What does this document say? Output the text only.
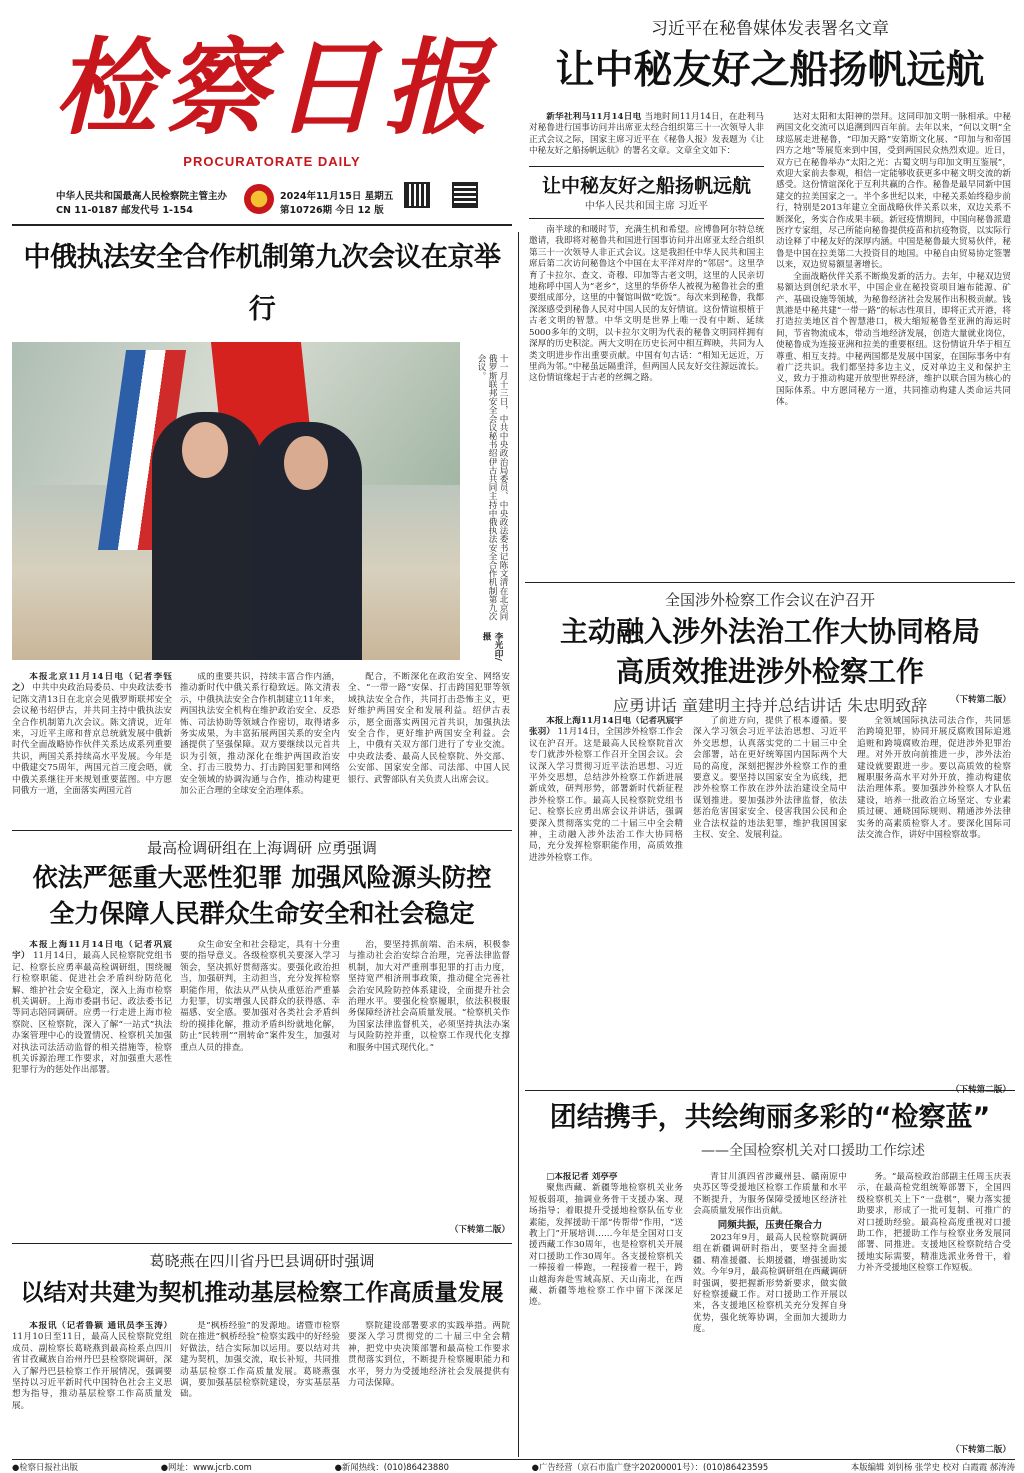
检察日报
PROCURATORATE DAILY
中华人民共和国最高人民检察院主管主办
CN 11-0187 邮发代号 1-154
2024年11月15日 星期五
第10726期 今日 12 版
习近平在秘鲁媒体发表署名文章
让中秘友好之船扬帆远航

新华社利马11月14日电 当地时间11月14日，在赴利马对秘鲁进行国事访问并出席亚太经合组织第三十一次领导人非正式会议之际，国家主席习近平在《秘鲁人报》发表题为《让中秘友好之船扬帆远航》的署名文章。文章全文如下：

让中秘友好之船扬帆远航
中华人民共和国主席 习近平

南半球的和暖时节，充满生机和希望。应博鲁阿尔特总统邀请，我即将对秘鲁共和国进行国事访问并出席亚太经合组织第三十一次领导人非正式会议。这是我担任中华人民共和国主席后第二次访问秘鲁这个中国在太平洋对岸的“邻居”。这里孕育了卡拉尔、查文、奇穆、印加等古老文明，这里的人民亲切地称呼中国人为“老乡”，这里的华侨华人被视为秘鲁社会的重要组成部分，这里的中餐馆叫做“吃饭”。每次来到秘鲁，我都深深感受到秘鲁人民对中国人民的友好情谊。这份情谊根植于古老文明的智慧。中华文明是世界上唯一没有中断、延续5000多年的文明，以卡拉尔文明为代表的秘鲁文明同样拥有深厚的历史积淀。两大文明在历史长河中相互辉映，共同为人类文明进步作出重要贡献。中国有句古话：“相知无远近，万里尚为邻。”中秘虽远隔重洋，但两国人民友好交往源远流长。这份情谊缘起于古老的丝绸之路。

达对太阳和太阳神的崇拜。这同印加文明一脉相承。中秘两国文化交流可以追溯到四百年前。去年以来，“何以文明”全球巡展走进秘鲁，“印加天路”安第斯文化展、“印加与和帝国四方之地”等展览来到中国，受到两国民众热烈欢迎。近日，双方已在秘鲁举办“太阳之光：古蜀文明与印加文明互鉴展”，欢迎大家前去参观，相信一定能够收获更多中秘文明交流的新感受。这份情谊深化于互利共赢的合作。秘鲁是最早同新中国建交的拉美国家之一。半个多世纪以来，中秘关系始终稳步前行，特别是2013年建立全面战略伙伴关系以来，双边关系不断深化，务实合作成果丰硕。新冠疫情期间，中国向秘鲁派遣医疗专家组，尽己所能向秘鲁提供疫苗和抗疫物资，以实际行动诠释了中秘友好的深厚内涵。中国是秘鲁最大贸易伙伴，秘鲁是中国在拉美第二大投资目的地国。中秘自由贸易协定签署以来，双边贸易额显著增长。

全面战略伙伴关系不断焕发新的活力。去年，中秘双边贸易额达到创纪录水平，中国企业在秘投资项目遍布能源、矿产、基础设施等领域，为秘鲁经济社会发展作出积极贡献。钱凯港是中秘共建“一带一路”的标志性项目，即将正式开港，将打造拉美地区首个智慧港口，极大缩短秘鲁至亚洲的海运时间，节省物流成本，带动当地经济发展，创造大量就业岗位，使秘鲁成为连接亚洲和拉美的重要枢纽。这份情谊升华于相互尊重、相互支持。中秘两国都是发展中国家，在国际事务中有着广泛共识。我们都坚持多边主义，反对单边主义和保护主义，致力于推动构建开放型世界经济，维护以联合国为核心的国际体系。中方愿同秘方一道，共同推动构建人类命运共同体。

（下转第二版）
中俄执法安全合作机制第九次会议在京举行
十一月十三日，中共中央政治局委员、中央政法委书记陈文清在北京同俄罗斯联邦安全会议秘书绍伊古共同主持中俄执法安全合作机制第九次会议。
李光印/摄

本报北京11月14日电（记者李钰之） 中共中央政治局委员、中央政法委书记陈文清13日在北京会见俄罗斯联邦安全会议秘书绍伊古，并共同主持中俄执法安全合作机制第九次会议。陈文清说，近年来，习近平主席和普京总统就发展中俄新时代全面战略协作伙伴关系达成系列重要共识，两国关系持续高水平发展。今年是中俄建交75周年，两国元首三度会晤，就中俄关系继往开来规划重要蓝图。中方愿同俄方一道，全面落实两国元首

成的重要共识，持续丰富合作内涵，推动新时代中俄关系行稳致远。陈文清表示，中俄执法安全合作机制建立11年来，两国执法安全机构在维护政治安全、反恐怖、司法协助等领域合作密切，取得诸多务实成果，为丰富拓展两国关系的安全内涵提供了坚强保障。双方要继续以元首共识为引领，推动深化在维护两国政治安全、打击三股势力、打击跨国犯罪和网络安全领域的协调沟通与合作，推动构建更加公正合理的全球安全治理体系。

配合，不断深化在政治安全、网络安全、“一带一路”安保、打击跨国犯罪等领域执法安全合作，共同打击恐怖主义，更好维护两国安全和发展利益。绍伊古表示，愿全面落实两国元首共识，加强执法安全合作，更好维护两国安全利益。会上，中俄有关双方部门进行了专业交流。中央政法委、最高人民检察院、外交部、公安部、国家安全部、司法部、中国人民银行、武警部队有关负责人出席会议。

全国涉外检察工作会议在沪召开
主动融入涉外法治工作大协同格局
高质效推进涉外检察工作
应勇讲话 童建明主持并总结讲话 朱忠明致辞

本报上海11月14日电（记者巩宸宇 张羽） 11月14日，全国涉外检察工作会议在沪召开。这是最高人民检察院首次专门就涉外检察工作召开全国会议。会议深入学习贯彻习近平法治思想、习近平外交思想，总结涉外检察工作新进展新成效，研判形势，部署新时代新征程涉外检察工作。最高人民检察院党组书记、检察长应勇出席会议并讲话，强调要深入贯彻落实党的二十届三中全会精神，主动融入涉外法治工作大协同格局，充分发挥检察职能作用，高质效推进涉外检察工作。

了前进方向，提供了根本遵循。要深入学习领会习近平法治思想、习近平外交思想，认真落实党的二十届三中全会部署，站在更好统筹国内国际两个大局的高度，深刻把握涉外检察工作的重要意义。要坚持以国家安全为底线，把涉外检察工作放在涉外法治建设全局中谋划推进。要加强涉外法律监督，依法惩治危害国家安全、侵害我国公民和企业合法权益的违法犯罪，维护我国国家主权、安全、发展利益。

全领域国际执法司法合作，共同惩治跨境犯罪，协同开展反腐败国际追逃追赃和跨境腐败治理，促进涉外犯罪治理。对外开放向前推进一步，涉外法治建设就要跟进一步。要以高质效的检察履职服务高水平对外开放，推动构建依法治理体系。要加强涉外检察人才队伍建设，培养一批政治立场坚定、专业素质过硬、通晓国际规则、精通涉外法律实务的高素质检察人才。要深化国际司法交流合作，讲好中国检察故事。

最高检调研组在上海调研 应勇强调
依法严惩重大恶性犯罪 加强风险源头防控
全力保障人民群众生命安全和社会稳定

本报上海11月14日电（记者巩宸宇） 11月14日，最高人民检察院党组书记、检察长应勇率最高检调研组，围绕履行检察职能、促进社会矛盾纠纷防范化解、维护社会安全稳定，深入上海市检察机关调研。上海市委副书记、政法委书记等同志陪同调研。应勇一行走进上海市检察院、区检察院，深入了解“一站式”执法办案管理中心的设置情况、检察机关加强对执法司法活动监督的相关措施等，检察机关诉源治理工作要求，对加强重大恶性犯罪行为的惩处作出部署。

众生命安全和社会稳定，具有十分重要的指导意义。各级检察机关要深入学习领会，坚决抓好贯彻落实。要强化政治担当，加强研判，主动担当，充分发挥检察职能作用，依法从严从快从重惩治严重暴力犯罪，切实增强人民群众的获得感、幸福感、安全感。要加强对各类社会矛盾纠纷的摸排化解，推动矛盾纠纷就地化解，防止“民转刑”“刑转命”案件发生，加强对重点人员的排查。

治，要坚持抓前端、治未病，积极参与推动社会治安综合治理，完善法律监督机制，加大对严重刑事犯罪的打击力度，坚持宽严相济刑事政策，推动健全完善社会治安风险防控体系建设，全面提升社会治理水平。要强化检察履职，依法积极服务保障经济社会高质量发展。“检察机关作为国家法律监督机关，必须坚持执法办案与风险防控并重，以检察工作现代化支撑和服务中国式现代化。”

（下转第二版）
团结携手，共绘绚丽多彩的“检察蓝”
——全国检察机关对口援助工作综述

□本报记者 刘亭亭

聚焦西藏、新疆等地检察机关业务短板弱项，抽调业务骨干支援办案、现场指导；着眼提升受援地检察队伍专业素能，发挥援助干部“传帮带”作用，“送教上门”开展培训……今年是全国对口支援西藏工作30周年，也是检察机关开展对口援助工作30周年。各支援检察机关一棒接着一棒跑，一程接着一程干，跨山越海奔赴雪域高原、天山南北，在西藏、新疆等地检察工作中留下深深足迹。

青甘川滇四省涉藏州县、赣南原中央苏区等受援地区检察工作质量和水平不断提升，为服务保障受援地区经济社会高质量发展作出贡献。

同频共振，压责任聚合力

2023年9月，最高人民检察院调研组在新疆调研时指出，要坚持全面援疆、精准援疆、长期援疆，增强援助实效。今年9月，最高检调研组在西藏调研时强调，要把握新形势新要求，做实做好检察援藏工作。对口援助工作开展以来，各支援地区检察机关充分发挥自身优势，强化统筹协调，全面加大援助力度。

务。“最高检政治部副主任周玉庆表示，在最高检党组统筹部署下，全国四级检察机关上下“一盘棋”，聚力落实援助要求，形成了一批可复制、可推广的对口援助经验。最高检高度重视对口援助工作，把援助工作与检察业务发展同部署、同推进。支援地区检察院结合受援地实际需要，精准选派业务骨干，着力补齐受援地区检察工作短板。

（下转第二版）
葛晓燕在四川省丹巴县调研时强调
以结对共建为契机推动基层检察工作高质量发展

本报讯（记者鲁颖 通讯员李玉涛） 11月10日至11日，最高人民检察院党组成员、副检察长葛晓燕到最高检系点四川省甘孜藏族自治州丹巴县检察院调研，深入了解丹巴县检察工作开展情况，强调要坚持以习近平新时代中国特色社会主义思想为指导，推动基层检察工作高质量发展。

是“枫桥经验”的发源地。诸暨市检察院在推进“枫桥经验”检察实践中的好经验好做法，结合实际加以运用。要以结对共建为契机，加强交流，取长补短，共同推动基层检察工作高质量发展。葛晓燕强调，要加强基层检察院建设，夯实基层基础。

察院建设部署要求的实践举措。两院要深入学习贯彻党的二十届三中全会精神，把党中央决策部署和最高检工作要求贯彻落实到位，不断提升检察履职能力和水平，努力为受援地经济社会发展提供有力司法保障。

●检察日报社出版	●网址：www.jcrb.com	●新闻热线：(010)86423880	●广告经营（京石市监广登字20200001号）：(010)86423595	本版编辑 刘钊杨 张学史 校对 白霞霞 郝涛涛
